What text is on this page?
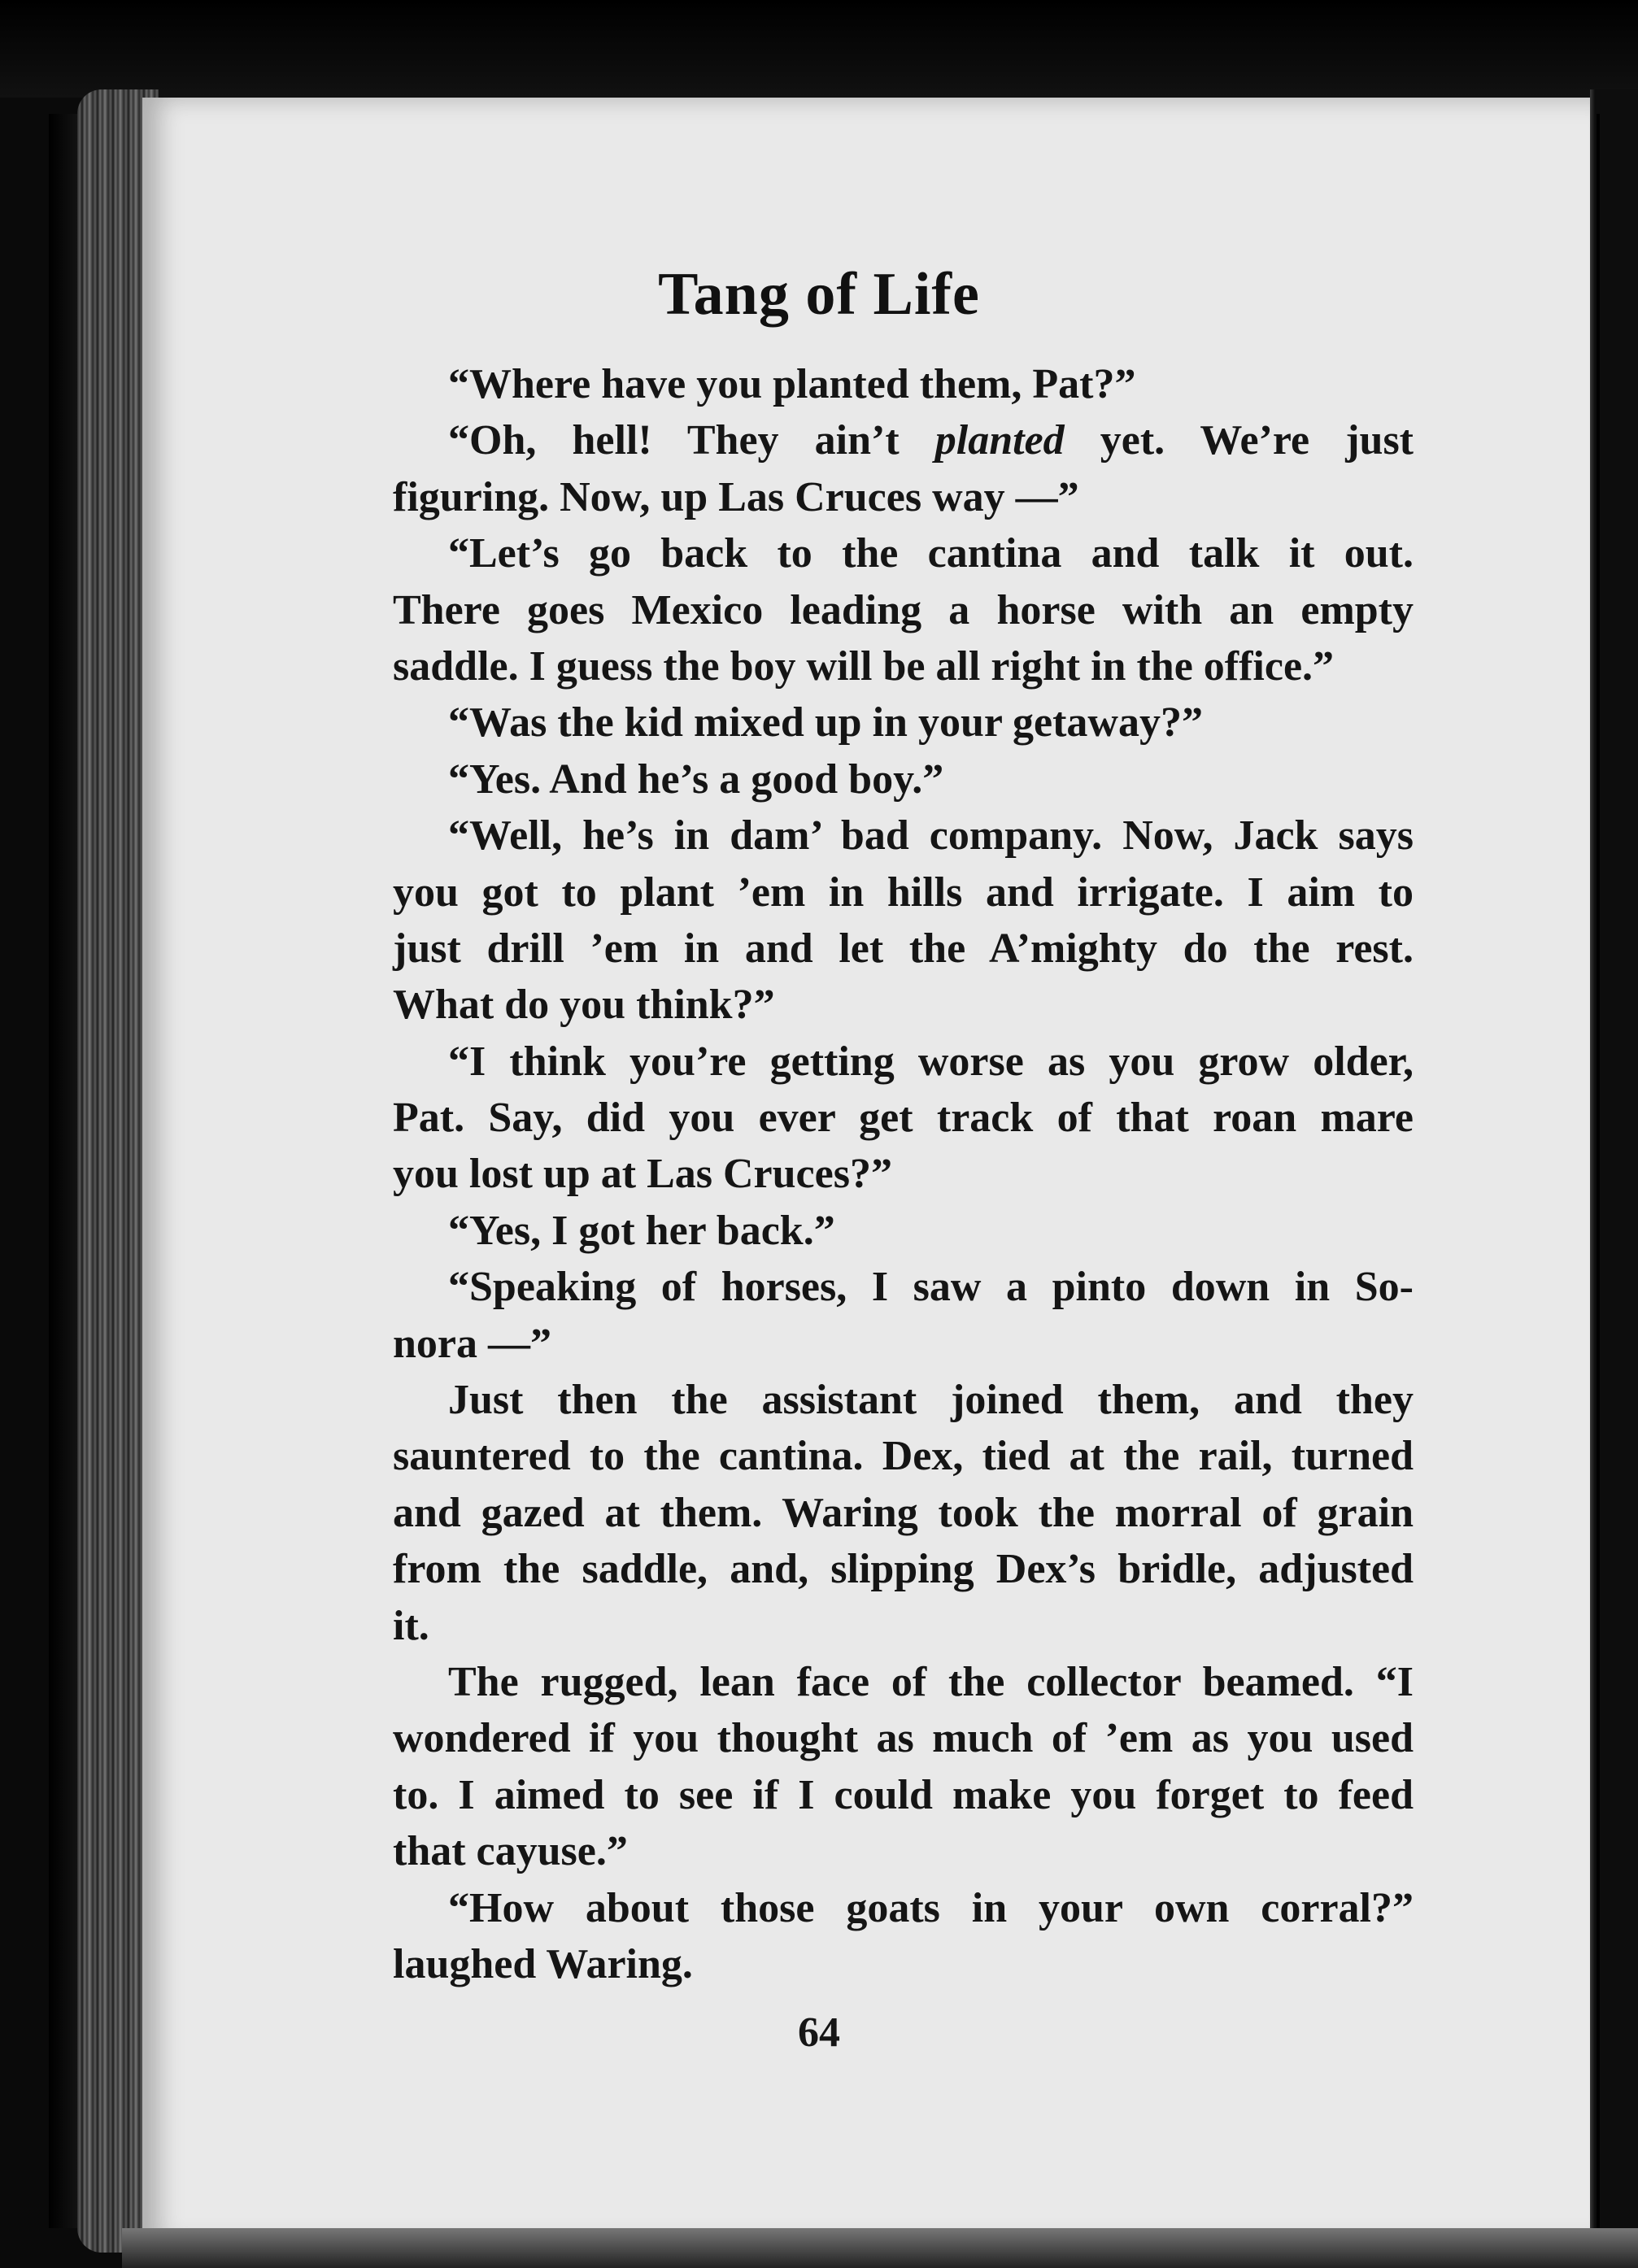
Tang of Life
“Where have you planted them, Pat?”
“Oh, hell! They ain’t planted yet. We’re just
figuring. Now, up Las Cruces way —”
“Let’s go back to the cantina and talk it out.
There goes Mexico leading a horse with an empty
saddle. I guess the boy will be all right in the office.”
“Was the kid mixed up in your getaway?”
“Yes. And he’s a good boy.”
“Well, he’s in dam’ bad company. Now, Jack says
you got to plant ’em in hills and irrigate. I aim to
just drill ’em in and let the A’mighty do the rest.
What do you think?”
“I think you’re getting worse as you grow older,
Pat. Say, did you ever get track of that roan mare
you lost up at Las Cruces?”
“Yes, I got her back.”
“Speaking of horses, I saw a pinto down in So-
nora —”
Just then the assistant joined them, and they
sauntered to the cantina. Dex, tied at the rail, turned
and gazed at them. Waring took the morral of grain
from the saddle, and, slipping Dex’s bridle, adjusted
it.
The rugged, lean face of the collector beamed. “I
wondered if you thought as much of ’em as you used
to. I aimed to see if I could make you forget to feed
that cayuse.”
“How about those goats in your own corral?”
laughed Waring.
64
